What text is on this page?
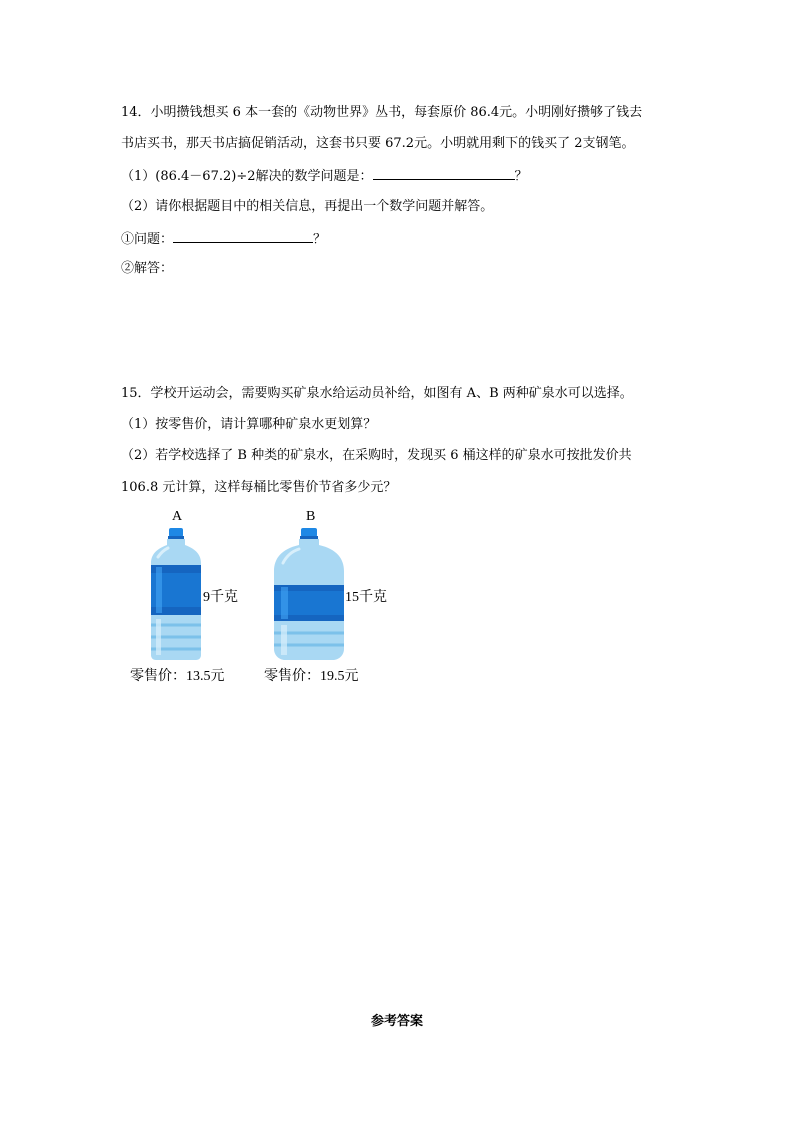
14．小明攒钱想买 6 本一套的《动物世界》丛书，每套原价 86.4元。小明刚好攒够了钱去
书店买书，那天书店搞促销活动，这套书只要 67.2元。小明就用剩下的钱买了 2支钢笔。
（1）(86.4－67.2)÷2解决的数学问题是：	？
（2）请你根据题目中的相关信息，再提出一个数学问题并解答。
①问题：	？
②解答：
15．学校开运动会，需要购买矿泉水给运动员补给，如图有 A、B 两种矿泉水可以选择。
（1）按零售价，请计算哪种矿泉水更划算？
（2）若学校选择了 B 种类的矿泉水，在采购时，发现买 6 桶这样的矿泉水可按批发价共
106.8 元计算，这样每桶比零售价节省多少元？
A
9千克
零售价：13.5元
B
15千克
零售价：19.5元
参考答案
